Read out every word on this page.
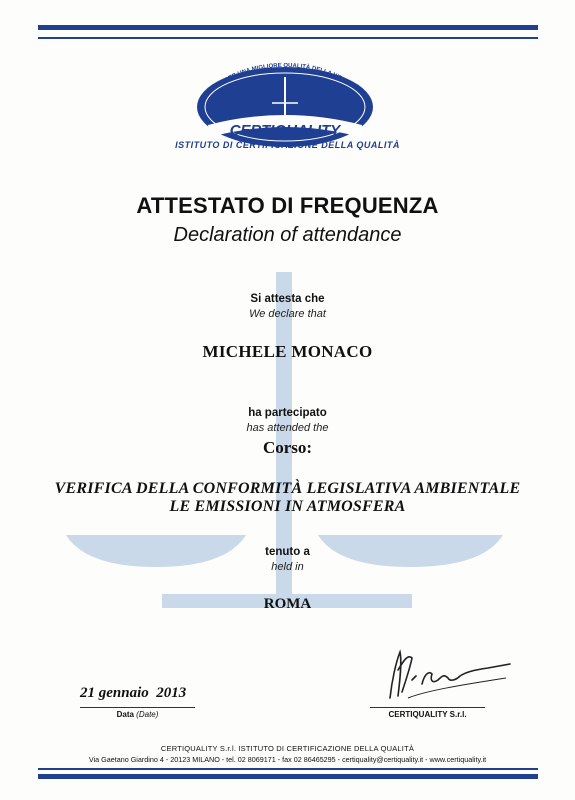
CERTIQUALITY
PER UNA MIGLIORE QUALITÀ DELLA VITA
ISTITUTO DI CERTIFICAZIONE DELLA QUALITÀ
ATTESTATO DI FREQUENZA
Declaration of attendance
Si attesta che
We declare that
MICHELE MONACO
ha partecipato
has attended the
Corso:
VERIFICA DELLA CONFORMITÀ LEGISLATIVA AMBIENTALE
LE EMISSIONI IN ATMOSFERA
tenuto a
held in
ROMA
21 gennaio  2013
Data (Date)	CERTIQUALITY S.r.l.
CERTIQUALITY S.r.l. ISTITUTO DI CERTIFICAZIONE DELLA QUALITÀ
Via Gaetano Giardino 4 - 20123 MILANO - tel. 02 8069171 - fax 02 86465295 - certiquality@certiquality.it - www.certiquality.it
